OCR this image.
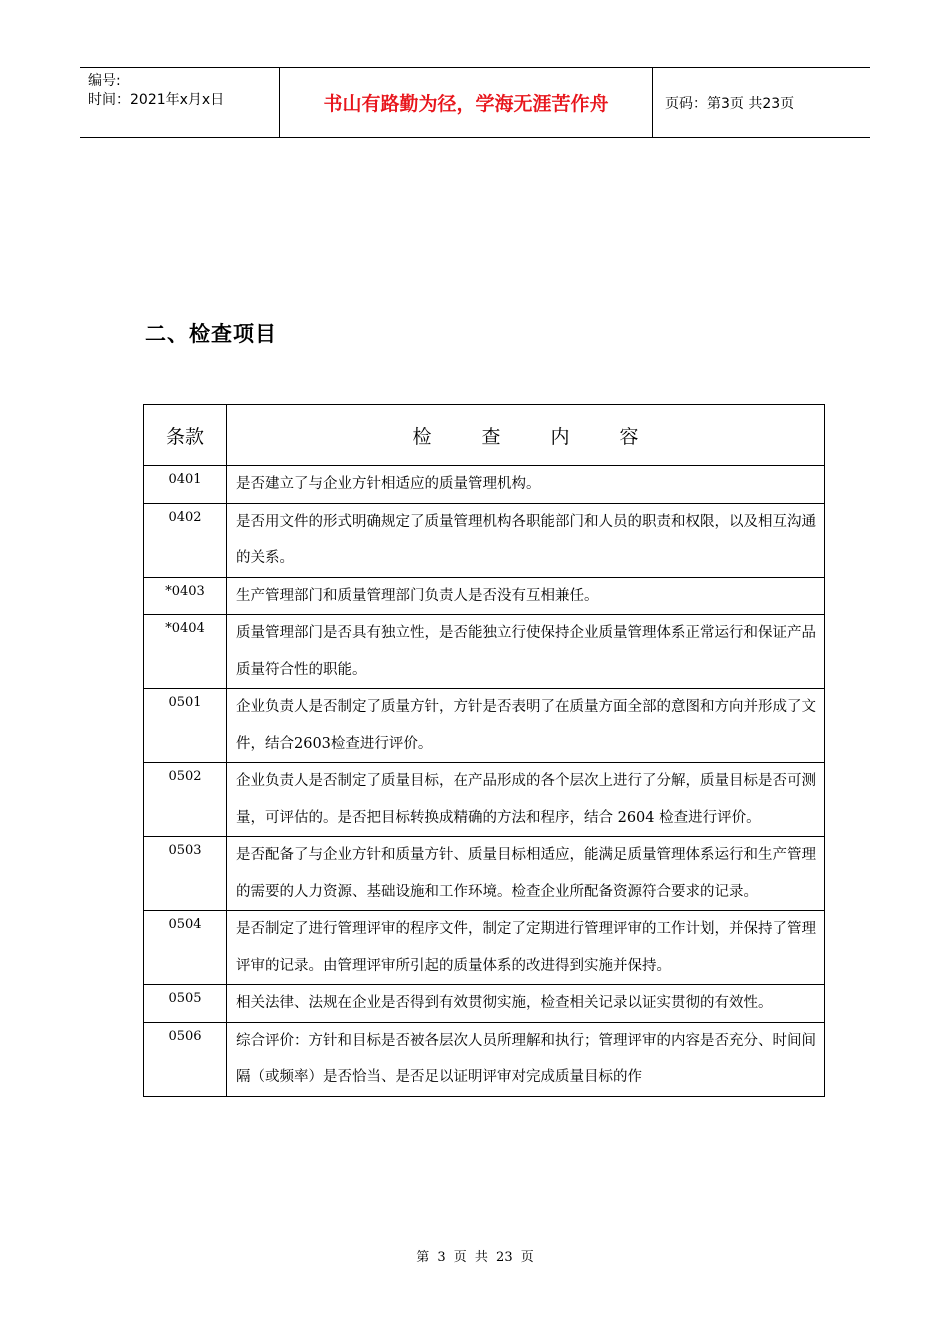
编号:
时间：2021年x月x日	书山有路勤为径，学海无涯苦作舟	页码：第3页 共23页
二、检查项目
条款	检 查 内 容
0401	是否建立了与企业方针相适应的质量管理机构。
0402	是否用文件的形式明确规定了质量管理机构各职能部门和人员的职责和权限，以及相互沟通的关系。
*0403	生产管理部门和质量管理部门负责人是否没有互相兼任。
*0404	质量管理部门是否具有独立性，是否能独立行使保持企业质量管理体系正常运行和保证产品质量符合性的职能。
0501	企业负责人是否制定了质量方针，方针是否表明了在质量方面全部的意图和方向并形成了文件，结合2603检查进行评价。
0502	企业负责人是否制定了质量目标，在产品形成的各个层次上进行了分解，质量目标是否可测量，可评估的。是否把目标转换成精确的方法和程序，结合 2604 检查进行评价。
0503	是否配备了与企业方针和质量方针、质量目标相适应，能满足质量管理体系运行和生产管理的需要的人力资源、基础设施和工作环境。检查企业所配备资源符合要求的记录。
0504	是否制定了进行管理评审的程序文件，制定了定期进行管理评审的工作计划，并保持了管理评审的记录。由管理评审所引起的质量体系的改进得到实施并保持。
0505	相关法律、法规在企业是否得到有效贯彻实施，检查相关记录以证实贯彻的有效性。
0506	综合评价：方针和目标是否被各层次人员所理解和执行；管理评审的内容是否充分、时间间隔（或频率）是否恰当、是否足以证明评审对完成质量目标的作
第 3 页 共 23 页
